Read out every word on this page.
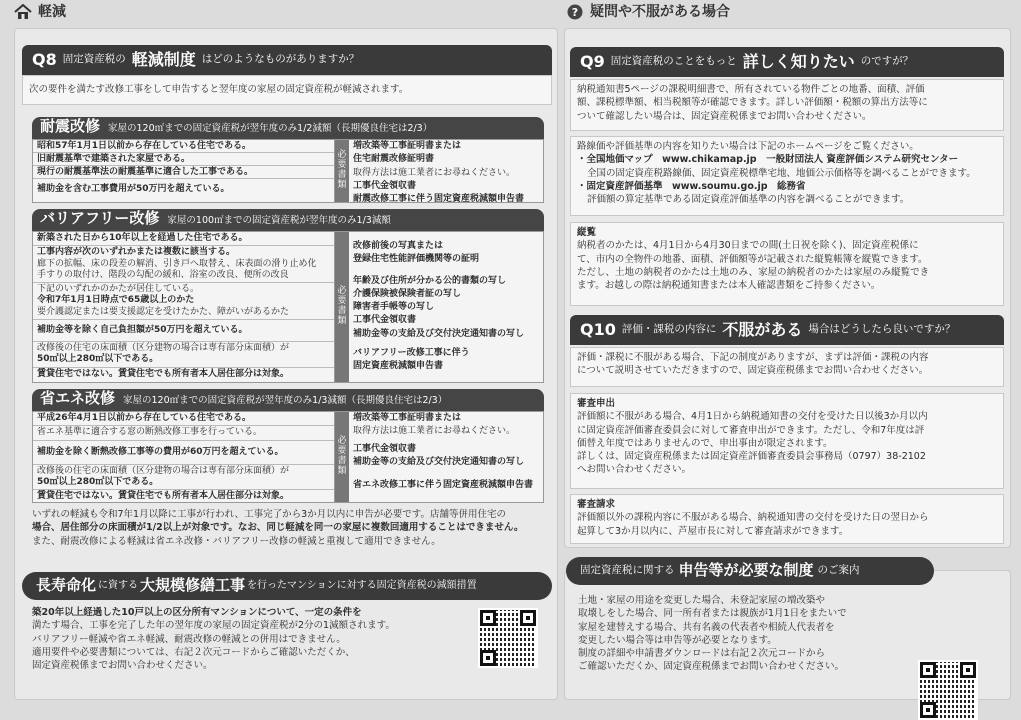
軽減
Q8 固定資産税の 軽減制度 はどのようなものがありますか？
次の要件を満たす改修工事をして申告すると翌年度の家屋の固定資産税が軽減されます。
耐震改修 家屋の120㎡までの固定資産税が翌年度のみ1/2減額（長期優良住宅は2/3）
昭和57年1月1日以前から存在している住宅である。
旧耐震基準で建築された家屋である。
現行の耐震基準法の耐震基準に適合した工事である。
補助金を含む工事費用が50万円を超えている。
必要書類
増改築等工事証明書または
住宅耐震改修証明書
取得方法は施工業者にお尋ねください。
工事代金領収書
耐震改修工事に伴う固定資産税減額申告書
バリアフリー改修 家屋の100㎡までの固定資産税が翌年度のみ1/3減額
新築された日から10年以上を経過した住宅である。
工事内容が次のいずれかまたは複数に該当する。
廊下の拡幅、床の段差の解消、引き戸へ取替え、床表面の滑り止め化
手すりの取付け、階段の勾配の緩和、浴室の改良、便所の改良
下記のいずれかのかたが居住している。
令和7年1月1日時点で65歳以上のかた
要介護認定または要支援認定を受けたかた、障がいがあるかた
補助金等を除く自己負担額が50万円を超えている。
改修後の住宅の床面積（区分建物の場合は専有部分床面積）が
50㎡以上280㎡以下である。
賃貸住宅ではない。賃貸住宅でも所有者本人居住部分は対象。
必要書類
改修前後の写真または
登録住宅性能評価機関等の証明
年齢及び住所が分かる公的書類の写し
介護保険被保険者証の写し
障害者手帳等の写し
工事代金領収書
補助金等の支給及び交付決定通知書の写し
バリアフリー改修工事に伴う
固定資産税減額申告書
省エネ改修 家屋の120㎡までの固定資産税が翌年度のみ1/3減額（長期優良住宅は2/3）
平成26年4月1日以前から存在している住宅である。
省エネ基準に適合する窓の断熱改修工事を行っている。
補助金を除く断熱改修工事等の費用が60万円を超えている。
改修後の住宅の床面積（区分建物の場合は専有部分床面積）が
50㎡以上280㎡以下である。
賃貸住宅ではない。賃貸住宅でも所有者本人居住部分は対象。
必要書類
増改築等工事証明書または
取得方法は施工業者にお尋ねください。
工事代金領収書
補助金等の支給及び交付決定通知書の写し
省エネ改修工事に伴う固定資産税減額申告書
いずれの軽減も令和7年1月以降に工事が行われ、工事完了から3か月以内に申告が必要です。店舗等併用住宅の
場合、居住部分の床面積が1/2以上が対象です。なお、同じ軽減を同一の家屋に複数回適用することはできません。
また、耐震改修による軽減は省エネ改修・バリアフリー改修の軽減と重複して適用できません。
長寿命化 に資する 大規模修繕工事 を行ったマンションに対する固定資産税の減額措置
築20年以上経過した10戸以上の区分所有マンションについて、一定の条件を
満たす場合、工事を完了した年の翌年度の家屋の固定資産税が2分の1減額されます。
バリアフリー軽減や省エネ軽減、耐震改修の軽減との併用はできません。
適用要件や必要書類については、右記２次元コードからご確認いただくか、
固定資産税係までお問い合わせください。
? 疑問や不服がある場合
Q9 固定資産税のことをもっと 詳しく知りたい のですが？
納税通知書5ページの課税明細書で、所有されている物件ごとの地番、面積、評価
額、課税標準額、相当税額等が確認できます。詳しい評価額・税額の算出方法等に
ついて確認したい場合は、固定資産税係までお問い合わせください。
路線価や評価基準の内容を知りたい場合は下記のホームページをご覧ください。
・全国地価マップ　www.chikamap.jp　一般財団法人 資産評価システム研究センター
全国の固定資産税路線価、固定資産税標準宅地、地価公示価格等を調べることができます。
・固定資産評価基準　www.soumu.go.jp　総務省
評価額の算定基準である固定資産評価基準の内容を調べることができます。
縦覧
納税者のかたは、4月1日から4月30日までの間(土日祝を除く)、固定資産税係に
て、市内の全物件の地番、面積、評価額等が記載された縦覧帳簿を縦覧できます。
ただし、土地の納税者のかたは土地のみ、家屋の納税者のかたは家屋のみ縦覧でき
ます。お越しの際は納税通知書または本人確認書類をご持参ください。
Q10 評価・課税の内容に 不服がある 場合はどうしたら良いですか？
評価・課税に不服がある場合、下記の制度がありますが、まずは評価・課税の内容
について説明させていただきますので、固定資産税係までお問い合わせください。
審査申出
評価額に不服がある場合、4月1日から納税通知書の交付を受けた日以後3か月以内
に固定資産評価審査委員会に対して審査申出ができます。ただし、令和7年度は評
価替え年度ではありませんので、申出事由が限定されます。
詳しくは、固定資産税係または固定資産評価審査委員会事務局（0797）38-2102
へお問い合わせください。
審査請求
評価額以外の課税内容に不服がある場合、納税通知書の交付を受けた日の翌日から
起算して3か月以内に、芦屋市長に対して審査請求ができます。
固定資産税に関する 申告等が必要な制度 のご案内
土地・家屋の用途を変更した場合、未登記家屋の増改築や
取壊しをした場合、同一所有者または親族が1月1日をまたいで
家屋を建替えする場合、共有名義の代表者や相続人代表者を
変更したい場合等は申告等が必要となります。
制度の詳細や申請書ダウンロードは右記２次元コードから
ご確認いただくか、固定資産税係までお問い合わせください。
